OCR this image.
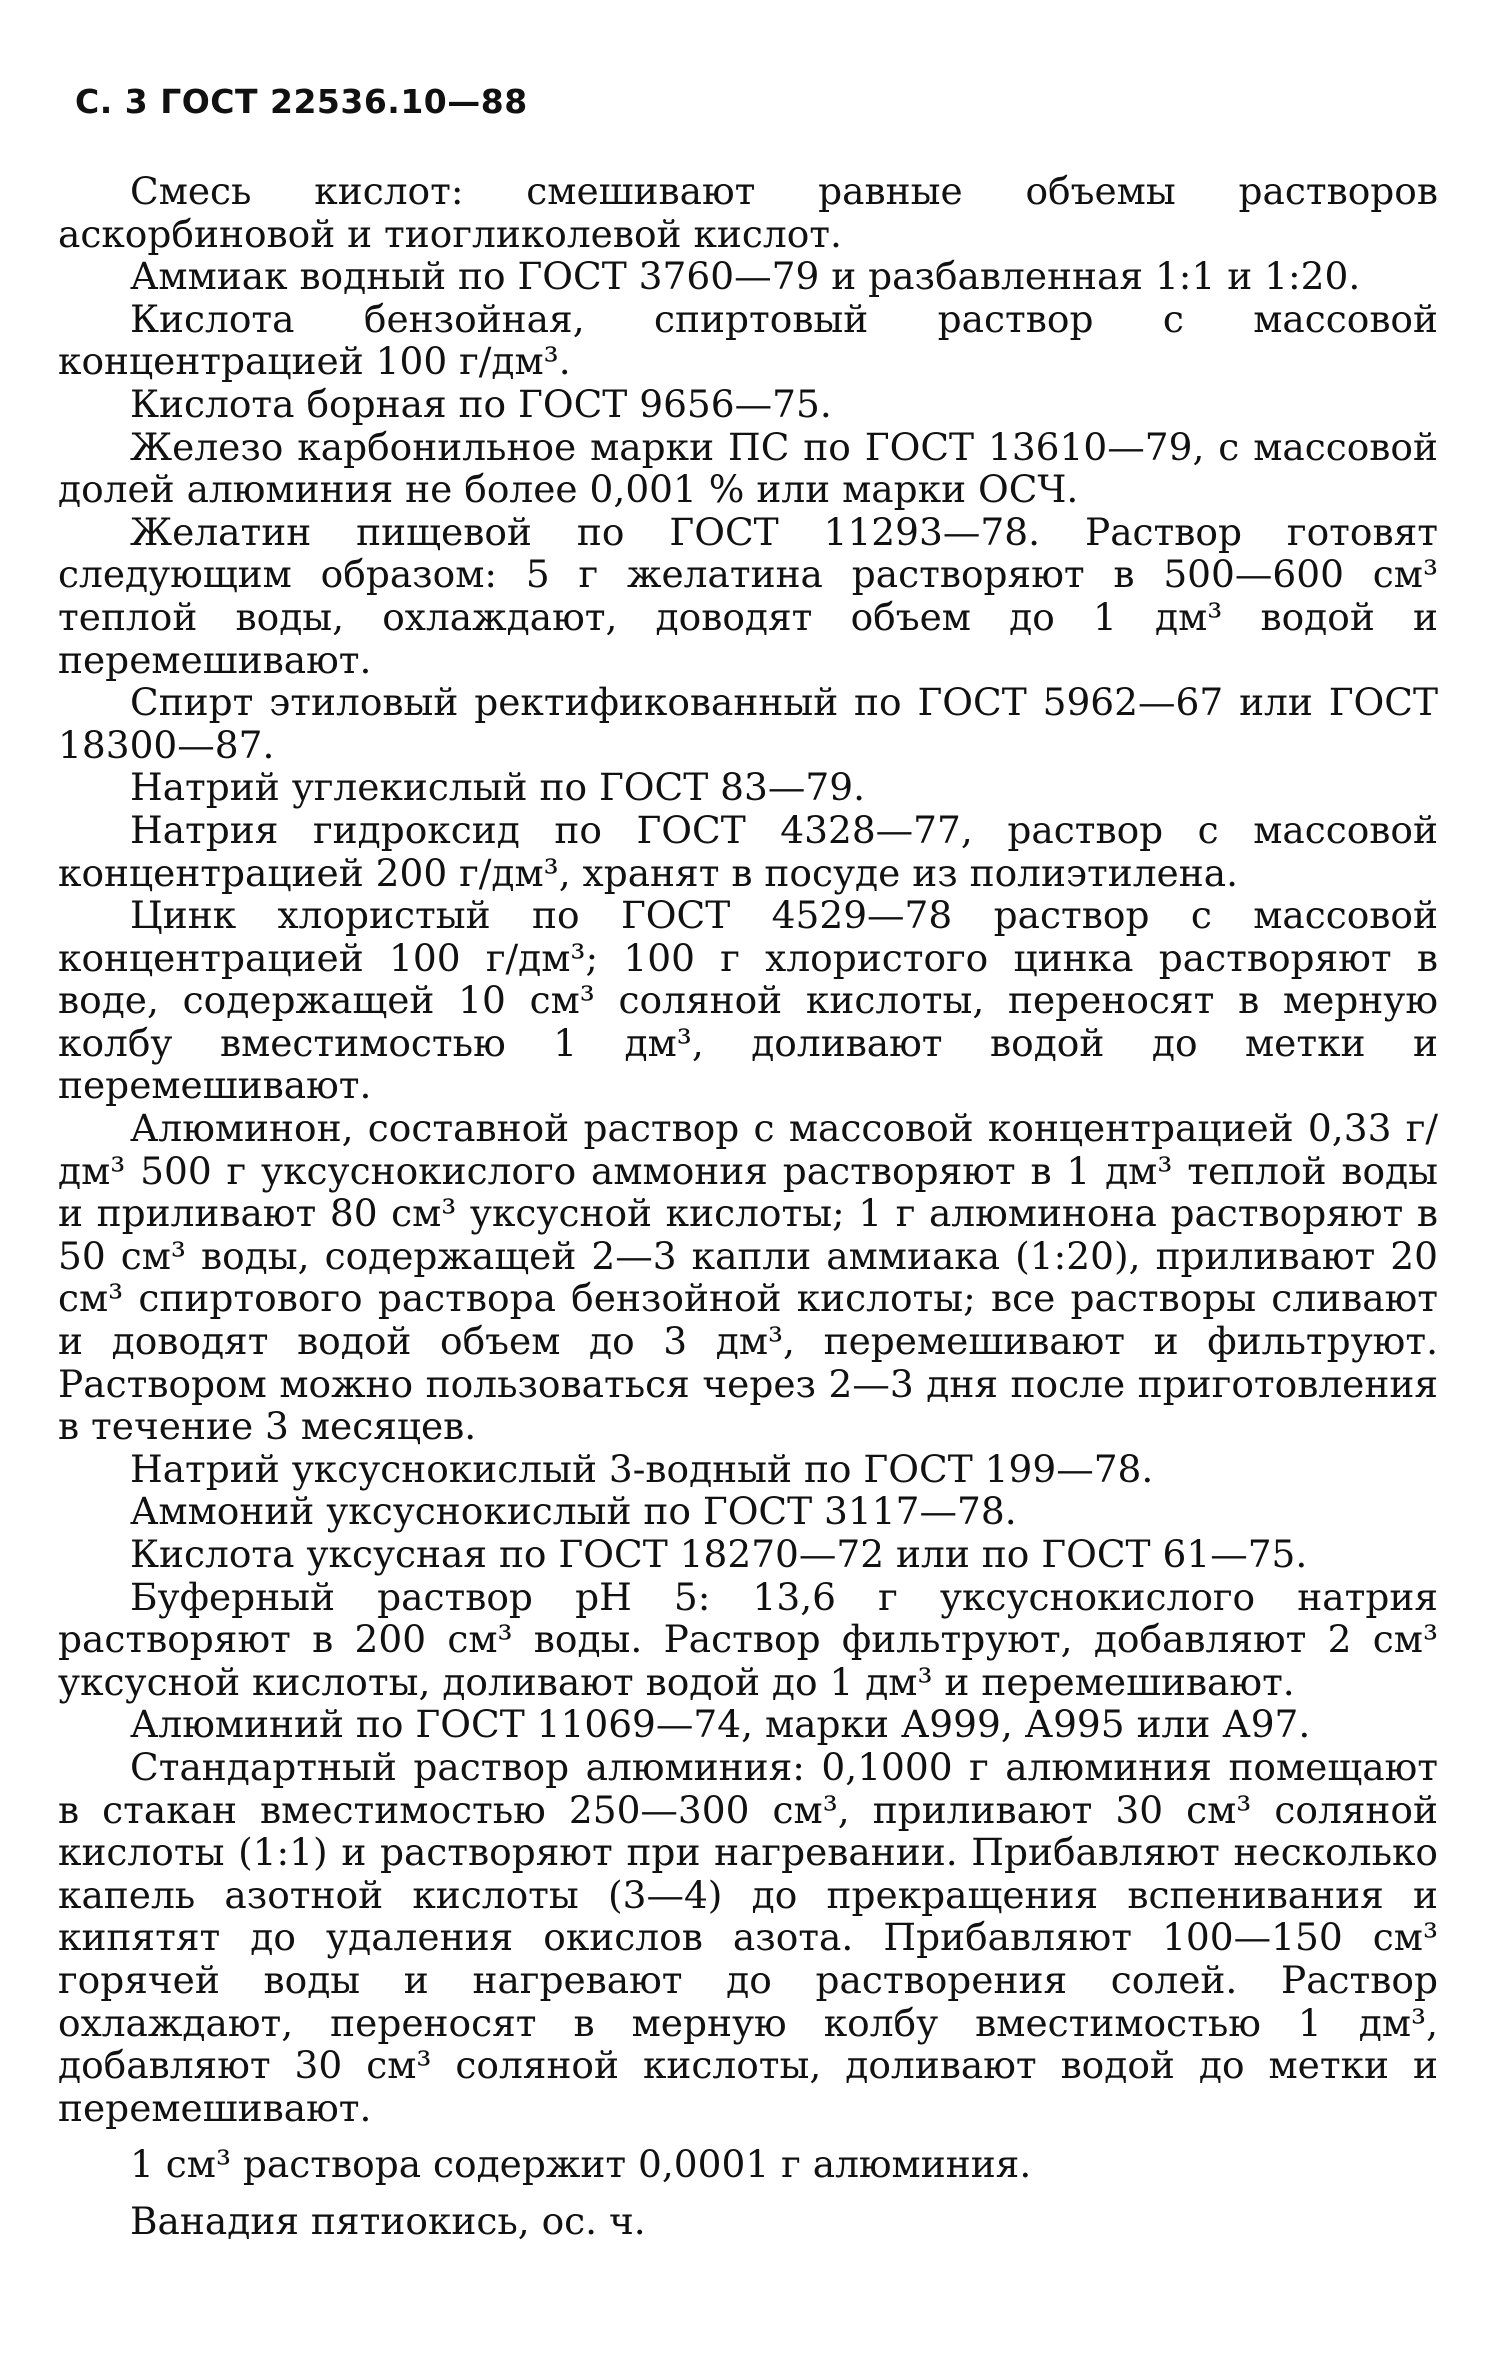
С. 3 ГОСТ 22536.10—88

Смесь кислот: смешивают равные объемы растворов аскорбиновой и тиогликолевой кислот.

Аммиак водный по ГОСТ 3760—79 и разбавленная 1:1 и 1:20.

Кислота бензойная, спиртовый раствор с массовой концентрацией 100 г/дм³.

Кислота борная по ГОСТ 9656—75.

Железо карбонильное марки ПС по ГОСТ 13610—79, с массовой долей алюминия не более 0,001 % или марки ОСЧ.

Желатин пищевой по ГОСТ 11293—78. Раствор готовят следующим образом: 5 г желатина растворяют в 500—600 см³ теплой воды, охлаждают, доводят объем до 1 дм³ водой и перемешивают.

Спирт этиловый ректификованный по ГОСТ 5962—67 или ГОСТ 18300—87.

Натрий углекислый по ГОСТ 83—79.

Натрия гидроксид по ГОСТ 4328—77, раствор с массовой концентрацией 200 г/дм³, хранят в посуде из полиэтилена.

Цинк хлористый по ГОСТ 4529—78 раствор с массовой концентрацией 100 г/дм³; 100 г хлористого цинка растворяют в воде, содержащей 10 см³ соляной кислоты, переносят в мерную колбу вместимостью 1 дм³, доливают водой до метки и перемешивают.

Алюминон, составной раствор с массовой концентрацией 0,33 г/дм³ 500 г уксуснокислого аммония растворяют в 1 дм³ теплой воды и приливают 80 см³ уксусной кислоты; 1 г алюминона растворяют в 50 см³ воды, содержащей 2—3 капли аммиака (1:20), приливают 20 см³ спиртового раствора бензойной кислоты; все растворы сливают и доводят водой объем до 3 дм³, перемешивают и фильтруют. Раствором можно пользоваться через 2—3 дня после приготовления в течение 3 месяцев.

Натрий уксуснокислый 3-водный по ГОСТ 199—78.

Аммоний уксуснокислый по ГОСТ 3117—78.

Кислота уксусная по ГОСТ 18270—72 или по ГОСТ 61—75.

Буферный раствор рН 5: 13,6 г уксуснокислого натрия растворяют в 200 см³ воды. Раствор фильтруют, добавляют 2 см³ уксусной кислоты, доливают водой до 1 дм³ и перемешивают.

Алюминий по ГОСТ 11069—74, марки А999, А995 или А97.

Стандартный раствор алюминия: 0,1000 г алюминия помещают в стакан вместимостью 250—300 см³, приливают 30 см³ соляной кислоты (1:1) и растворяют при нагревании. Прибавляют несколько капель азотной кислоты (3—4) до прекращения вспенивания и кипятят до удаления окислов азота. Прибавляют 100—150 см³ горячей воды и нагревают до растворения солей. Раствор охлаждают, переносят в мерную колбу вместимостью 1 дм³, добавляют 30 см³ соляной кислоты, доливают водой до метки и перемешивают.

1 см³ раствора содержит 0,0001 г алюминия.

Ванадия пятиокись, ос. ч.
